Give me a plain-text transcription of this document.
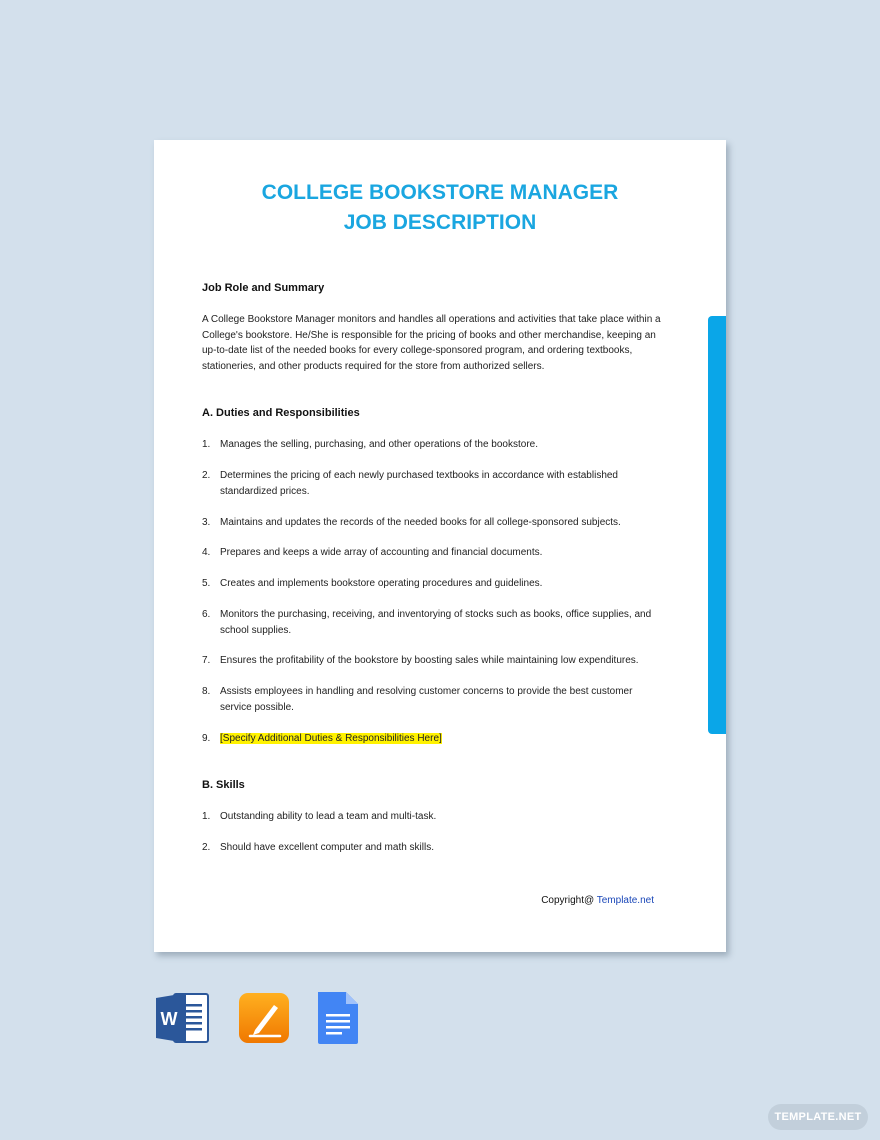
COLLEGE BOOKSTORE MANAGER
JOB DESCRIPTION
Job Role and Summary
A College Bookstore Manager monitors and handles all operations and activities that take place within a College's bookstore. He/She is responsible for the pricing of books and other merchandise, keeping an up-to-date list of the needed books for every college-sponsored program, and ordering textbooks, stationeries, and other products required for the store from authorized sellers.
A. Duties and Responsibilities
1. Manages the selling, purchasing, and other operations of the bookstore.
2. Determines the pricing of each newly purchased textbooks in accordance with established standardized prices.
3. Maintains and updates the records of the needed books for all college-sponsored subjects.
4. Prepares and keeps a wide array of accounting and financial documents.
5. Creates and implements bookstore operating procedures and guidelines.
6. Monitors the purchasing, receiving, and inventorying of stocks such as books, office supplies, and school supplies.
7. Ensures the profitability of the bookstore by boosting sales while maintaining low expenditures.
8. Assists employees in handling and resolving customer concerns to provide the best customer service possible.
9. [Specify Additional Duties & Responsibilities Here]
B. Skills
1. Outstanding ability to lead a team and multi-task.
2. Should have excellent computer and math skills.
Copyright@ Template.net
W
TEMPLATE.NET
